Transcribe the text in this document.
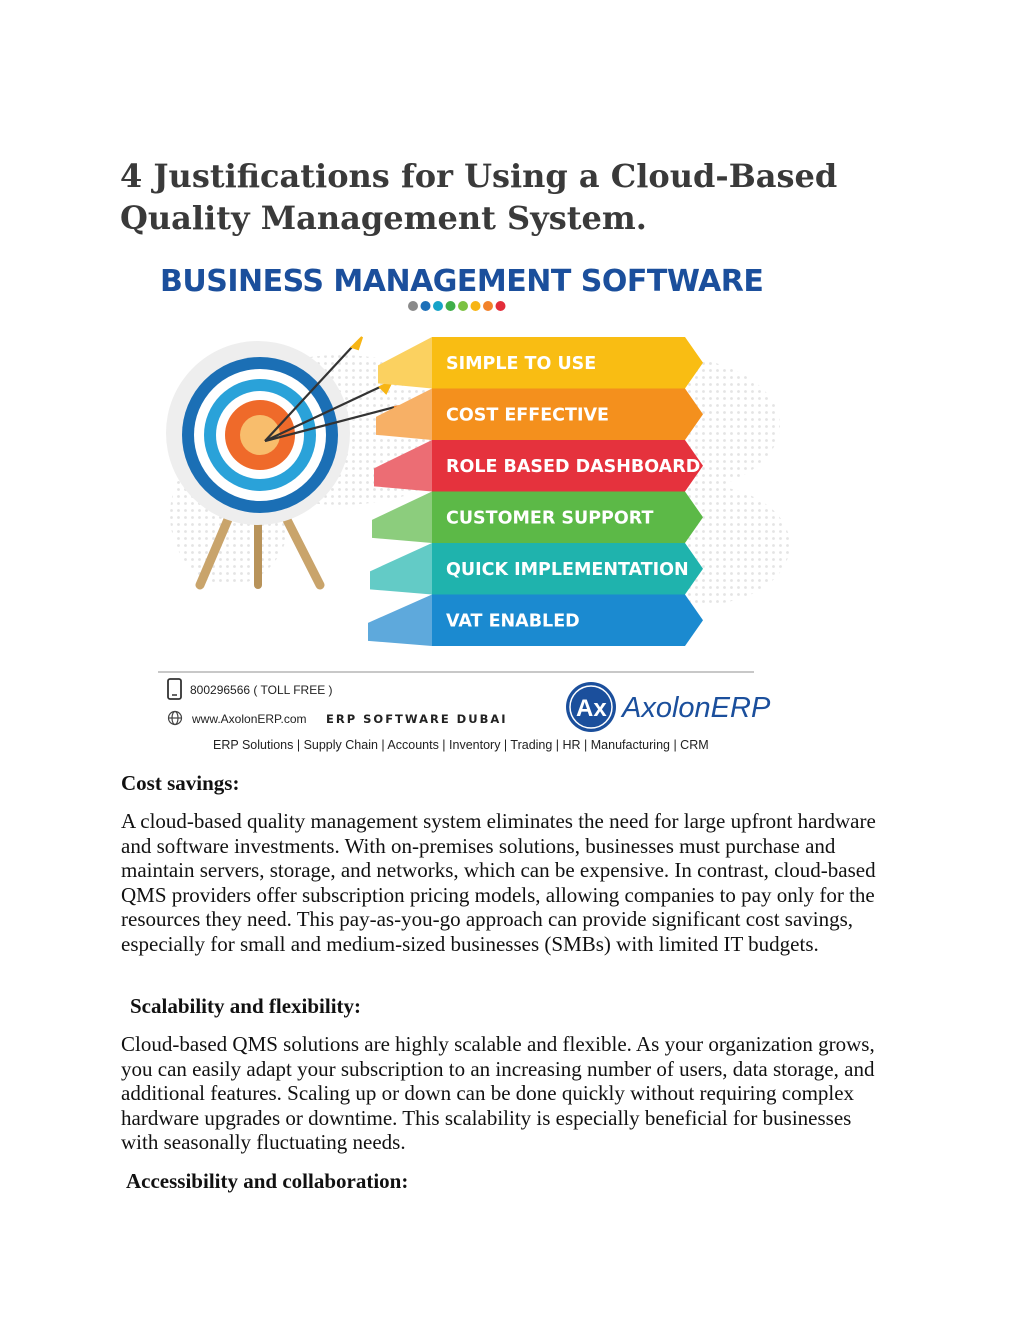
4 Justifications for Using a Cloud-Based Quality Management System.
BUSINESS MANAGEMENT SOFTWARE
SIMPLE TO USE
COST EFFECTIVE
ROLE BASED DASHBOARD
CUSTOMER SUPPORT
QUICK IMPLEMENTATION
VAT ENABLED
800296566 ( TOLL FREE )
www.AxolonERP.com ERP SOFTWARE DUBAI	Ax AxolonERP
ERP Solutions | Supply Chain | Accounts | Inventory | Trading | HR | Manufacturing | CRM
Cost savings:

A cloud-based quality management system eliminates the need for large upfront hardware and software investments. With on-premises solutions, businesses must purchase and maintain servers, storage, and networks, which can be expensive. In contrast, cloud-based QMS providers offer subscription pricing models, allowing companies to pay only for the resources they need. This pay-as-you-go approach can provide significant cost savings, especially for small and medium-sized businesses (SMBs) with limited IT budgets.

Scalability and flexibility:

Cloud-based QMS solutions are highly scalable and flexible. As your organization grows, you can easily adapt your subscription to an increasing number of users, data storage, and additional features. Scaling up or down can be done quickly without requiring complex hardware upgrades or downtime. This scalability is especially beneficial for businesses with seasonally fluctuating needs.

Accessibility and collaboration:
